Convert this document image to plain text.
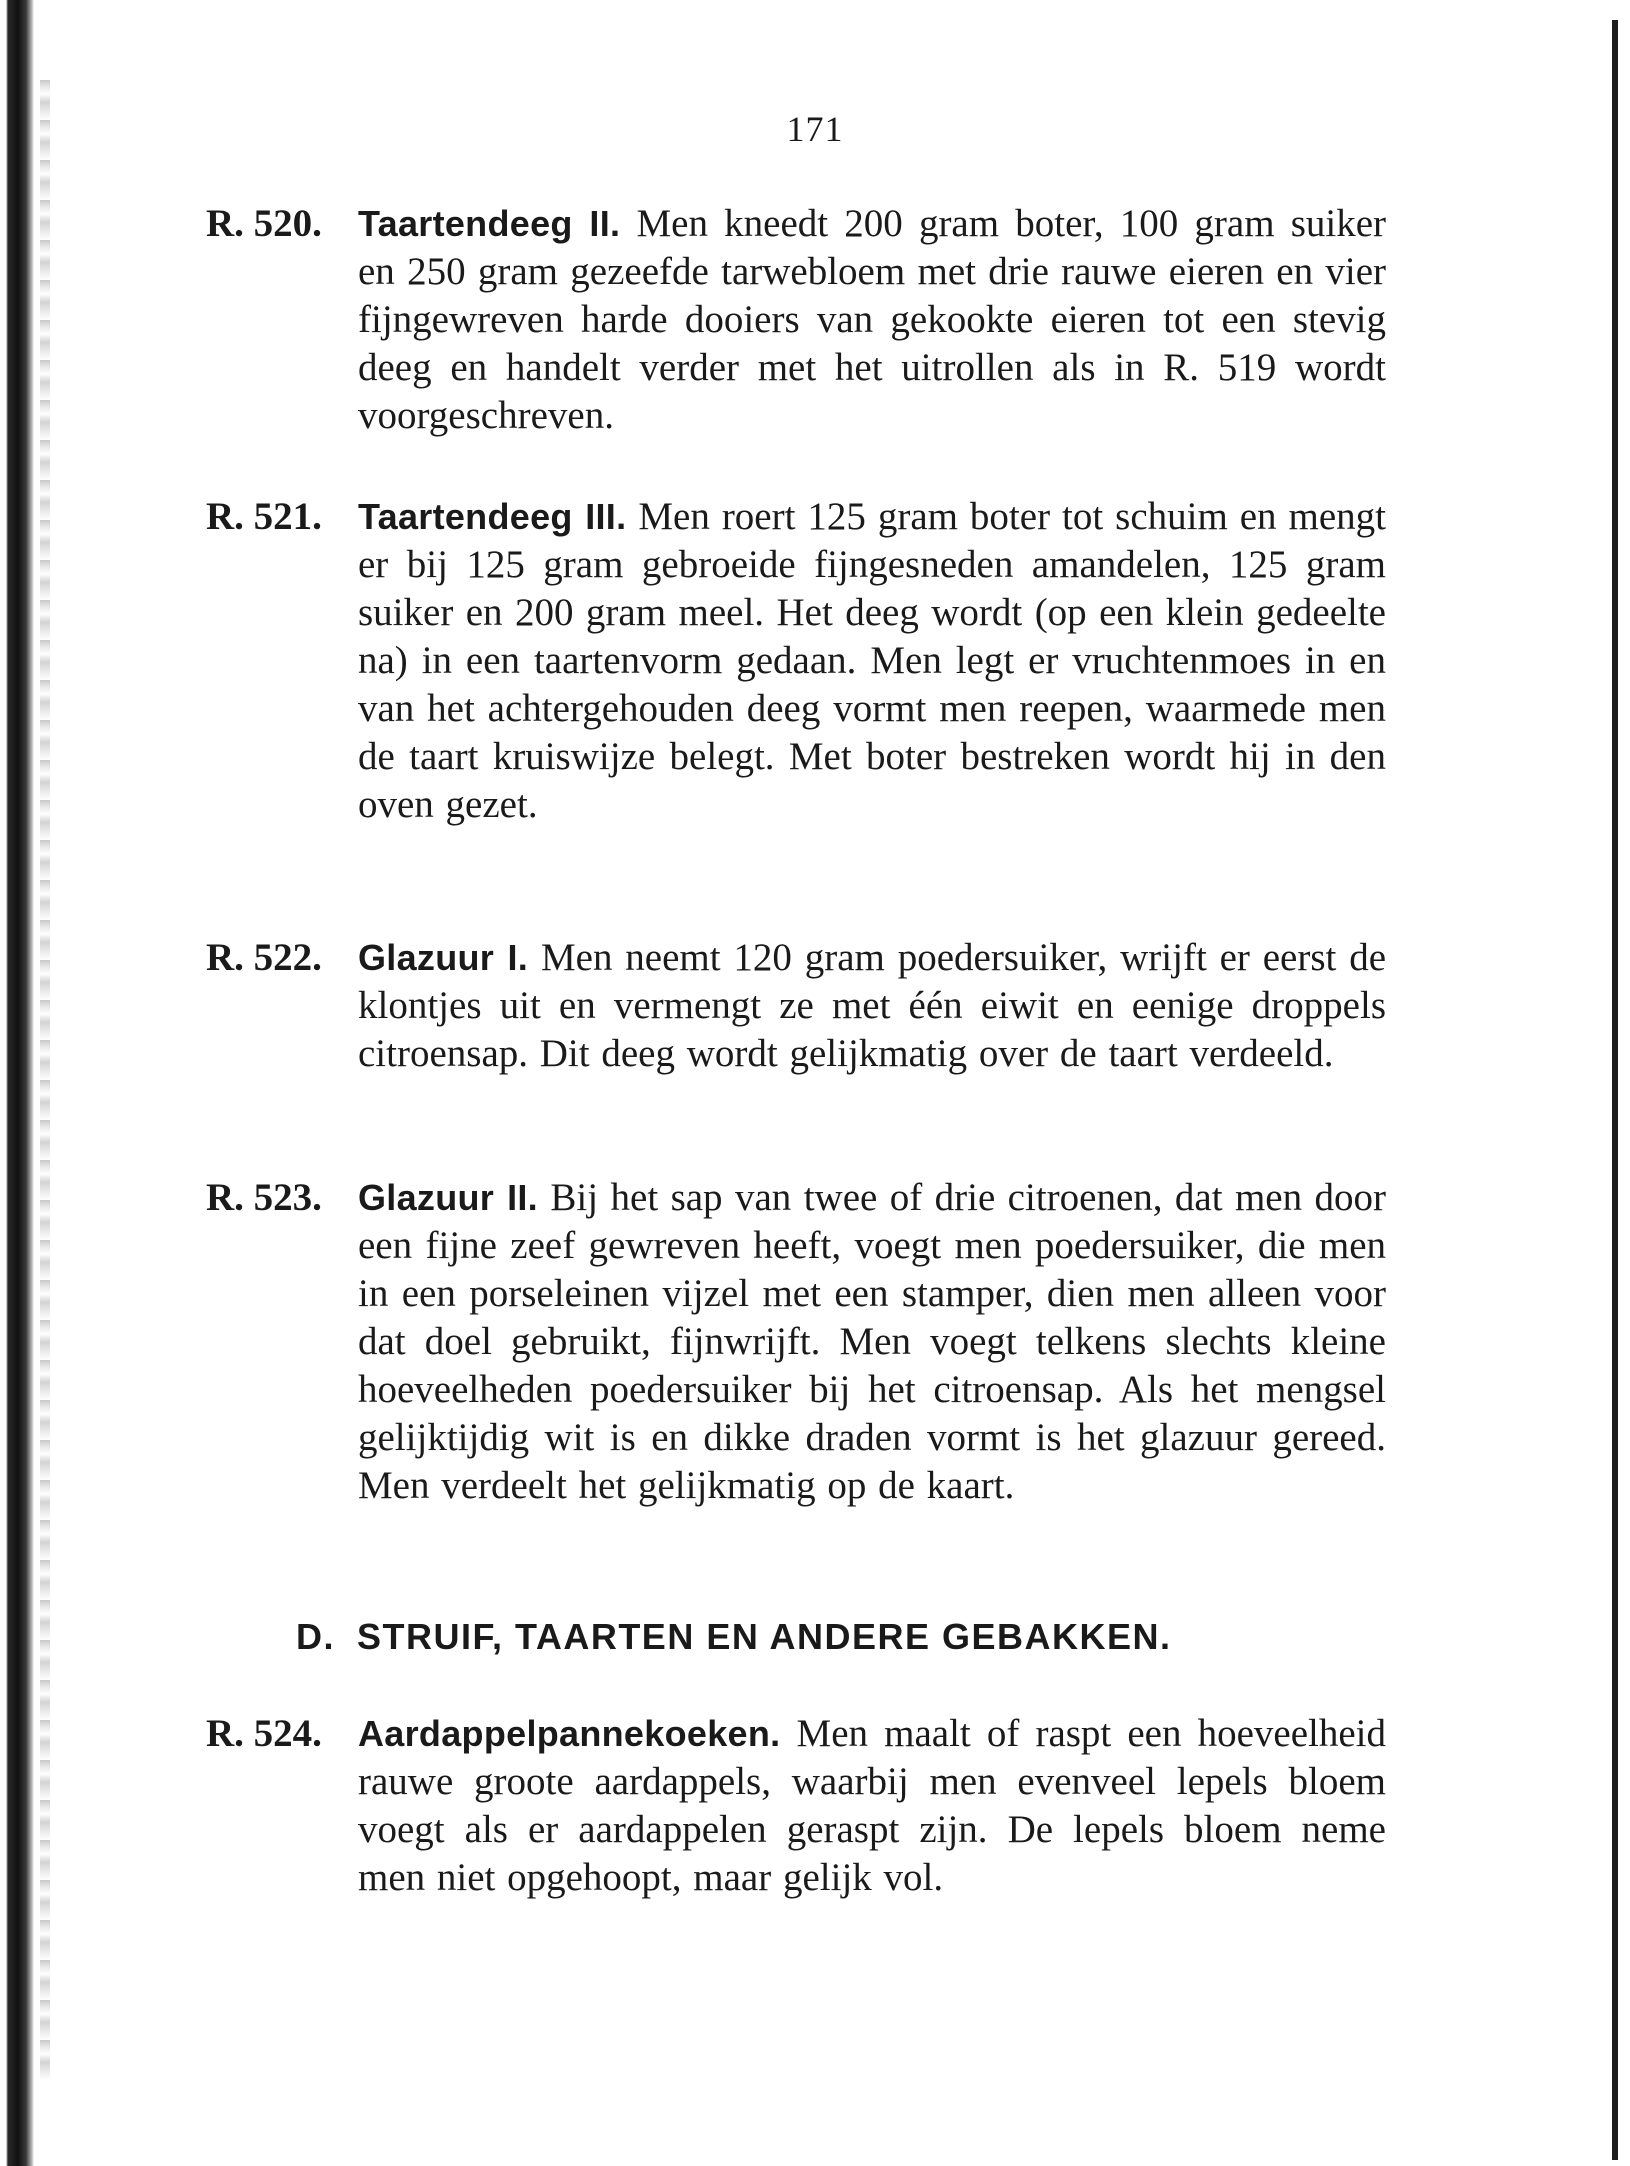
171
R. 520.	Taartendeeg II. Men kneedt 200 gram boter, 100 gram suiker en 250 gram gezeefde tarwebloem met drie rauwe eieren en vier fijngewreven harde dooiers van gekookte eieren tot een stevig deeg en handelt verder met het uitrollen als in R. 519 wordt voorgeschreven.
R. 521.	Taartendeeg III. Men roert 125 gram boter tot schuim en mengt er bij 125 gram gebroeide fijngesneden amandelen, 125 gram suiker en 200 gram meel. Het deeg wordt (op een klein gedeelte na) in een taartenvorm gedaan. Men legt er vruchtenmoes in en van het achtergehouden deeg vormt men reepen, waarmede men de taart kruiswijze belegt. Met boter bestreken wordt hij in den oven gezet.
R. 522.	Glazuur I. Men neemt 120 gram poedersuiker, wrijft er eerst de klontjes uit en vermengt ze met één eiwit en eenige droppels citroensap. Dit deeg wordt gelijkmatig over de taart verdeeld.
R. 523.	Glazuur II. Bij het sap van twee of drie citroenen, dat men door een fijne zeef gewreven heeft, voegt men poedersuiker, die men in een porseleinen vijzel met een stamper, dien men alleen voor dat doel gebruikt, fijnwrijft. Men voegt telkens slechts kleine hoeveelheden poedersuiker bij het citroensap. Als het mengsel gelijktijdig wit is en dikke draden vormt is het glazuur gereed. Men verdeelt het gelijkmatig op de kaart.
D. STRUIF, TAARTEN EN ANDERE GEBAKKEN.
R. 524.	Aardappelpannekoeken. Men maalt of raspt een hoeveelheid rauwe groote aardappels, waarbij men evenveel lepels bloem voegt als er aardappelen geraspt zijn. De lepels bloem neme men niet opgehoopt, maar gelijk vol.
